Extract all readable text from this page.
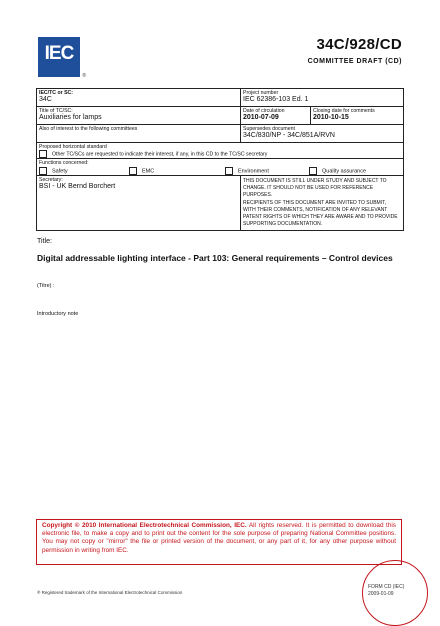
IEC
®
34C/928/CD
COMMITTEE DRAFT (CD)
IEC/TC or SC:
34C
Project number
IEC 62386-103 Ed. 1
Title of TC/SC:
Auxiliaries for lamps
Date of circulation
2010-07-09
Closing date for comments
2010-10-15
Also of interest to the following committees	Supersedes document
34C/830/NP - 34C/851A/RVN
Proposed horizontal standard
Other TC/SCs are requested to indicate their interest, if any, in this CD to the TC/SC secretary
Functions concerned:
Safety	EMC	Environment	Quality assurance
Secretary:
BSI - UK Bernd Borchert
THIS DOCUMENT IS STILL UNDER STUDY AND SUBJECT TO CHANGE. IT SHOULD NOT BE USED FOR REFERENCE PURPOSES.
RECIPIENTS OF THIS DOCUMENT ARE INVITED TO SUBMIT, WITH THEIR COMMENTS, NOTIFICATION OF ANY RELEVANT PATENT RIGHTS OF WHICH THEY ARE AWARE AND TO PROVIDE SUPPORTING DOCUMENTATION.
Title:
Digital addressable lighting interface - Part 103: General requirements – Control devices
(Titre) :
Introductory note
Copyright © 2010 International Electrotechnical Commission, IEC. All rights reserved. It is permitted to download this electronic file, to make a copy and to print out the content for the sole purpose of preparing National Committee positions. You may not copy or "mirror" the file or printed version of the document, or any part of it, for any other purpose without permission in writing from IEC.
® Registered trademark of the International Electrotechnical Commission
FORM CD (IEC)
2009-01-09
